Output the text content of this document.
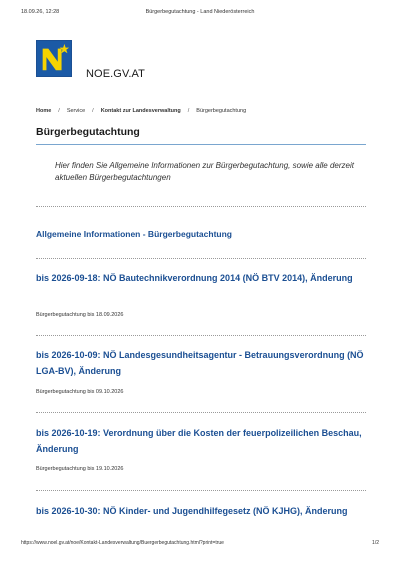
18.09.26, 12:28	Bürgerbegutachtung - Land Niederösterreich
NOE.GV.AT
Home / Service / Kontakt zur Landesverwaltung / Bürgerbegutachtung
Bürgerbegutachtung

Hier finden Sie Allgemeine Informationen zur Bürgerbegutachtung, sowie alle derzeit aktuellen Bürgerbegutachtungen

Allgemeine Informationen - Bürgerbegutachtung
bis 2026-09-18: NÖ Bautechnikverordnung 2014 (NÖ BTV 2014), Änderung
Bürgerbegutachtung bis 18.09.2026
bis 2026-10-09: NÖ Landesgesundheitsagentur - Betrauungsverordnung (NÖ LGA-BV), Änderung
Bürgerbegutachtung bis 09.10.2026
bis 2026-10-19: Verordnung über die Kosten der feuerpolizeilichen Beschau, Änderung
Bürgerbegutachtung bis 19.10.2026
bis 2026-10-30: NÖ Kinder- und Jugendhilfegesetz (NÖ KJHG), Änderung
https://www.noel.gv.at/noe/Kontakt-Landesverwaltung/Buergerbegutachtung.html?print=true	1/2
